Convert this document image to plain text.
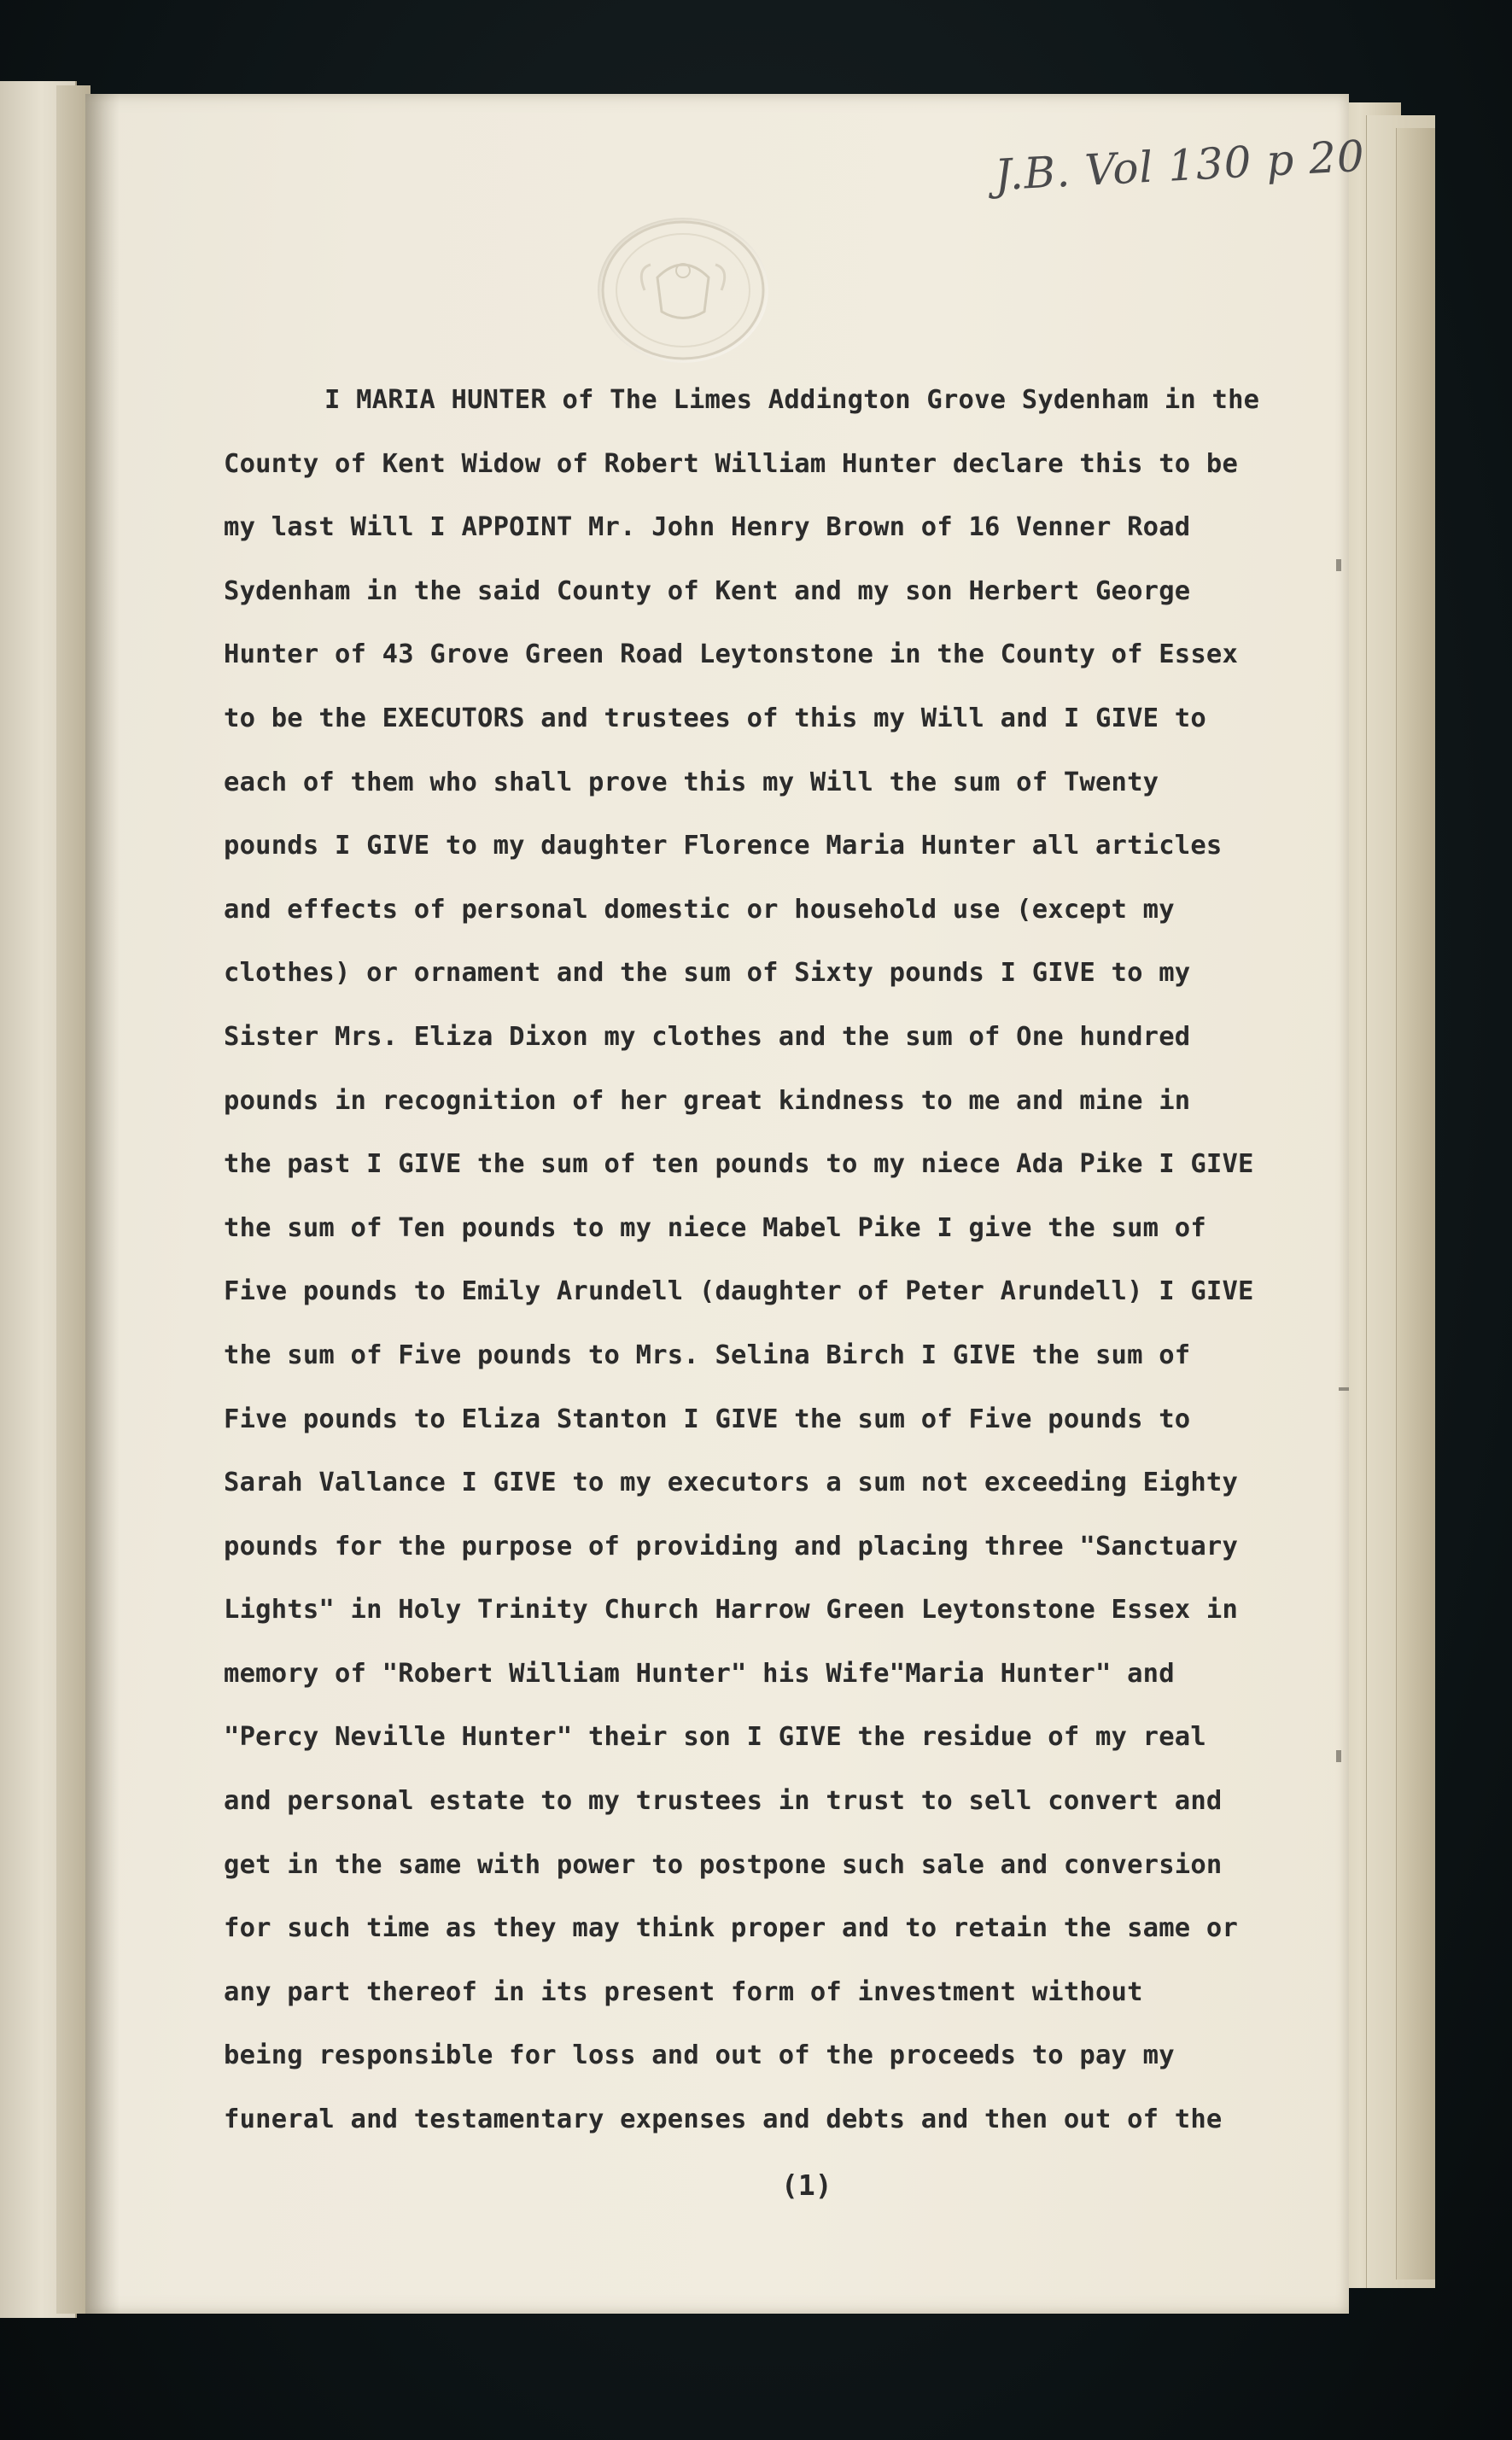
J.B. Vol 130 p 20
I MARIA HUNTER of The Limes Addington Grove Sydenham in the
County of Kent Widow of Robert William Hunter declare this to be
my last Will I APPOINT Mr. John Henry Brown of 16 Venner Road
Sydenham in the said County of Kent and my son Herbert George
Hunter of 43 Grove Green Road Leytonstone in the County of Essex
to be the EXECUTORS and trustees of this my Will and I GIVE to
each of them who shall prove this my Will the sum of Twenty
pounds I GIVE to my daughter Florence Maria Hunter all articles
and effects of personal domestic or household use (except my
clothes) or ornament and the sum of Sixty pounds I GIVE to my
Sister Mrs. Eliza Dixon my clothes and the sum of One hundred
pounds in recognition of her great kindness to me and mine in
the past I GIVE the sum of ten pounds to my niece Ada Pike I GIVE
the sum of Ten pounds to my niece Mabel Pike I give the sum of
Five pounds to Emily Arundell (daughter of Peter Arundell) I GIVE
the sum of Five pounds to Mrs. Selina Birch I GIVE the sum of
Five pounds to Eliza Stanton I GIVE the sum of Five pounds to
Sarah Vallance I GIVE to my executors a sum not exceeding Eighty
pounds for the purpose of providing and placing three "Sanctuary
Lights" in Holy Trinity Church Harrow Green Leytonstone Essex in
memory of "Robert William Hunter" his Wife"Maria Hunter" and
"Percy Neville Hunter" their son I GIVE the residue of my real
and personal estate to my trustees in trust to sell convert and
get in the same with power to postpone such sale and conversion
for such time as they may think proper and to retain the same or
any part thereof in its present form of investment without
being responsible for loss and out of the proceeds to pay my
funeral and testamentary expenses and debts and then out of the
(1)
